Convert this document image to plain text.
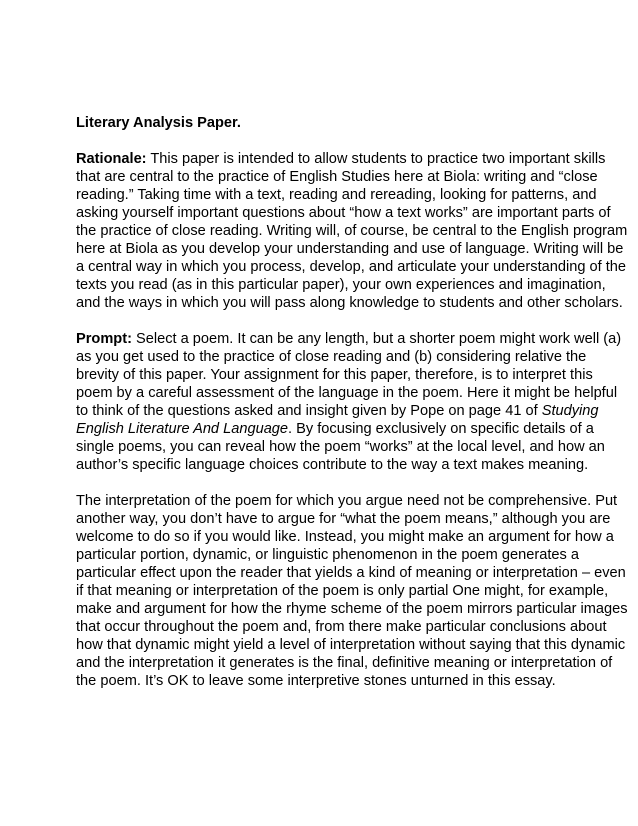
Literary Analysis Paper.

Rationale: This paper is intended to allow students to practice two important skills that are central to the practice of English Studies here at Biola: writing and “close reading.” Taking time with a text, reading and rereading, looking for patterns, and asking yourself important questions about “how a text works” are important parts of the practice of close reading. Writing will, of course, be central to the English program here at Biola as you develop your understanding and use of language. Writing will be a central way in which you process, develop, and articulate your understanding of the texts you read (as in this particular paper), your own experiences and imagination, and the ways in which you will pass along knowledge to students and other scholars.

Prompt: Select a poem. It can be any length, but a shorter poem might work well (a) as you get used to the practice of close reading and (b) considering relative the brevity of this paper. Your assignment for this paper, therefore, is to interpret this poem by a careful assessment of the language in the poem. Here it might be helpful to think of the questions asked and insight given by Pope on page 41 of Studying English Literature And Language. By focusing exclusively on specific details of a single poems, you can reveal how the poem “works” at the local level, and how an author’s specific language choices contribute to the way a text makes meaning.

The interpretation of the poem for which you argue need not be comprehensive. Put another way, you don’t have to argue for “what the poem means,” although you are welcome to do so if you would like. Instead, you might make an argument for how a particular portion, dynamic, or linguistic phenomenon in the poem generates a particular effect upon the reader that yields a kind of meaning or interpretation – even if that meaning or interpretation of the poem is only partial One might, for example, make and argument for how the rhyme scheme of the poem mirrors particular images that occur throughout the poem and, from there make particular conclusions about how that dynamic might yield a level of interpretation without saying that this dynamic and the interpretation it generates is the final, definitive meaning or interpretation of the poem. It’s OK to leave some interpretive stones unturned in this essay.
